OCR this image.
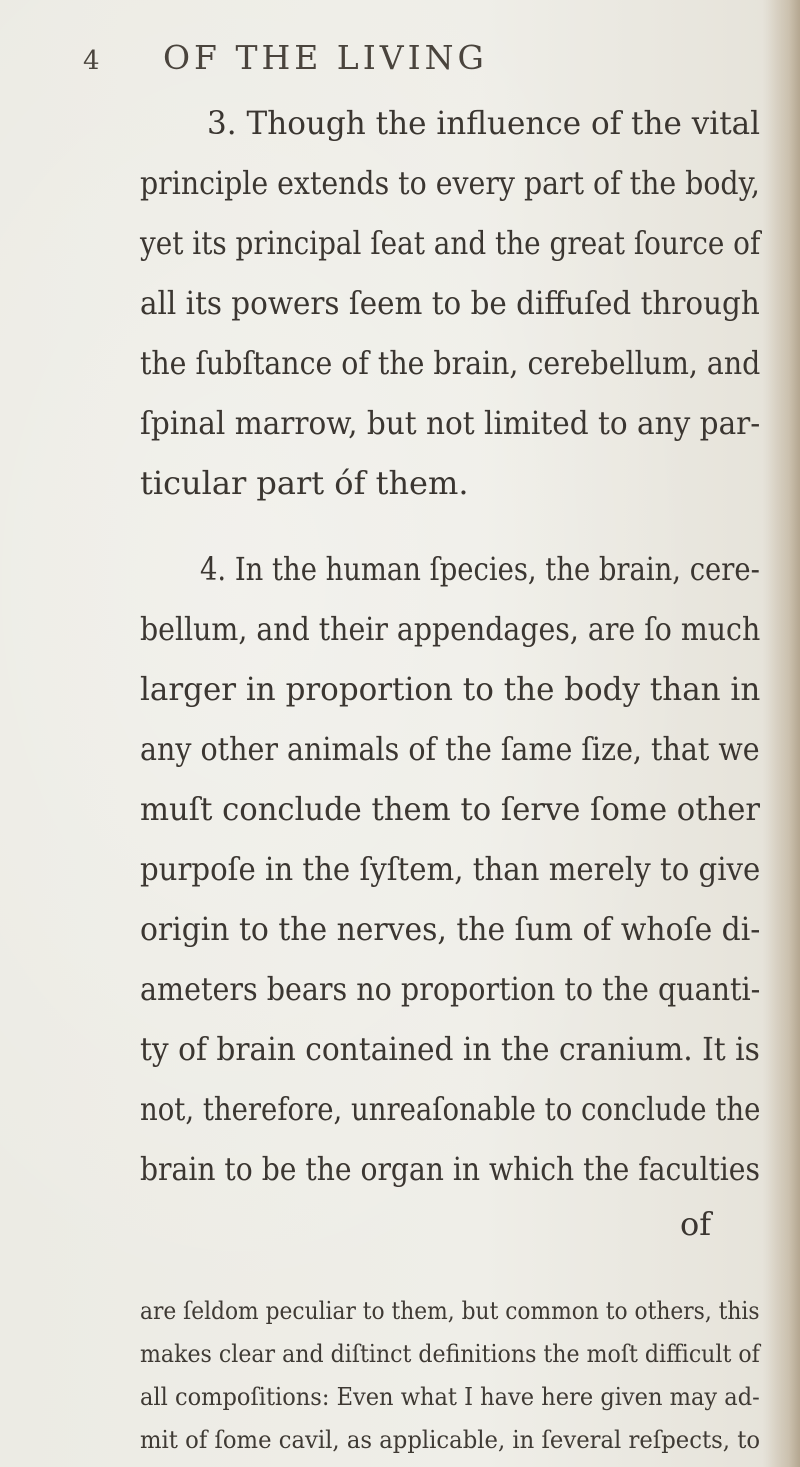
4 OF THE LIVING
3. Though the influence of the vital
principle extends to every part of the body,
yet its principal ſeat and the great ſource of
all its powers ſeem to be diffuſed through
the ſubſtance of the brain, cerebellum, and
ſpinal marrow, but not limited to any par-
ticular part óf them.
4. In the human ſpecies, the brain, cere-
bellum, and their appendages, are ſo much
larger in proportion to the body than in
any other animals of the ſame ſize, that we
muſt conclude them to ſerve ſome other
purpoſe in the ſyſtem, than merely to give
origin to the nerves, the ſum of whoſe di-
ameters bears no proportion to the quanti-
ty of brain contained in the cranium. It is
not, therefore, unreaſonable to conclude the
brain to be the organ in which the faculties
of
are ſeldom peculiar to them, but common to others, this
makes clear and diſtinct definitions the moſt difficult of
all compoſitions: Even what I have here given may ad-
mit of ſome cavil, as applicable, in ſeveral reſpects, to
